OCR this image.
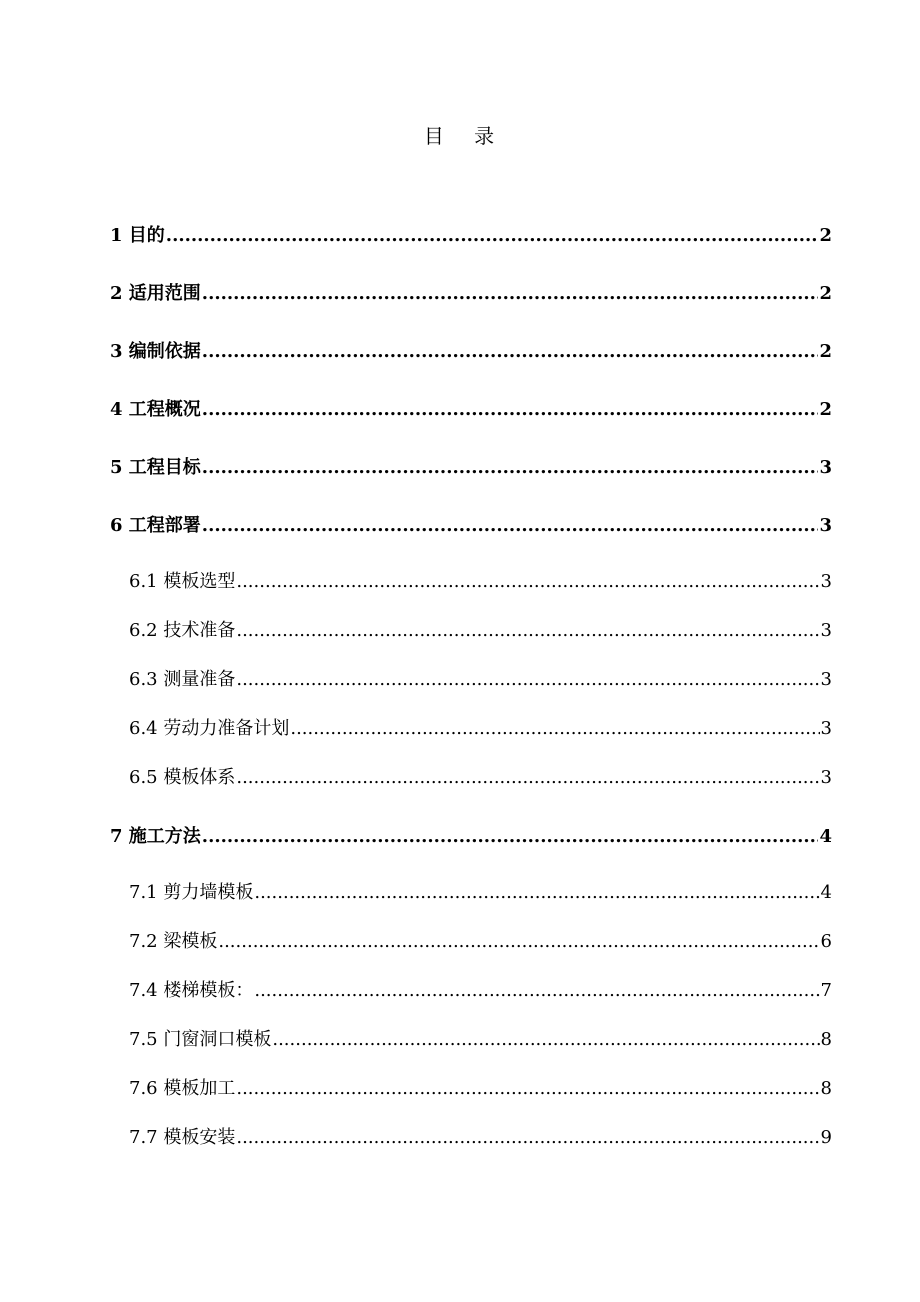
目 录
1 目的 .....	2
2 适用范围 .....	2
3 编制依据 .....	2
4 工程概况 .....	2
5 工程目标 .....	3
6 工程部署 .....	3
6.1 模板选型 .....	3
6.2 技术准备 .....	3
6.3 测量准备 .....	3
6.4 劳动力准备计划 .....	3
6.5 模板体系 .....	3
7 施工方法 .....	4
7.1 剪力墙模板 .....	4
7.2 梁模板 .....	6
7.4 楼梯模板： .....	7
7.5 门窗洞口模板 .....	8
7.6 模板加工 .....	8
7.7 模板安装 .....	9
